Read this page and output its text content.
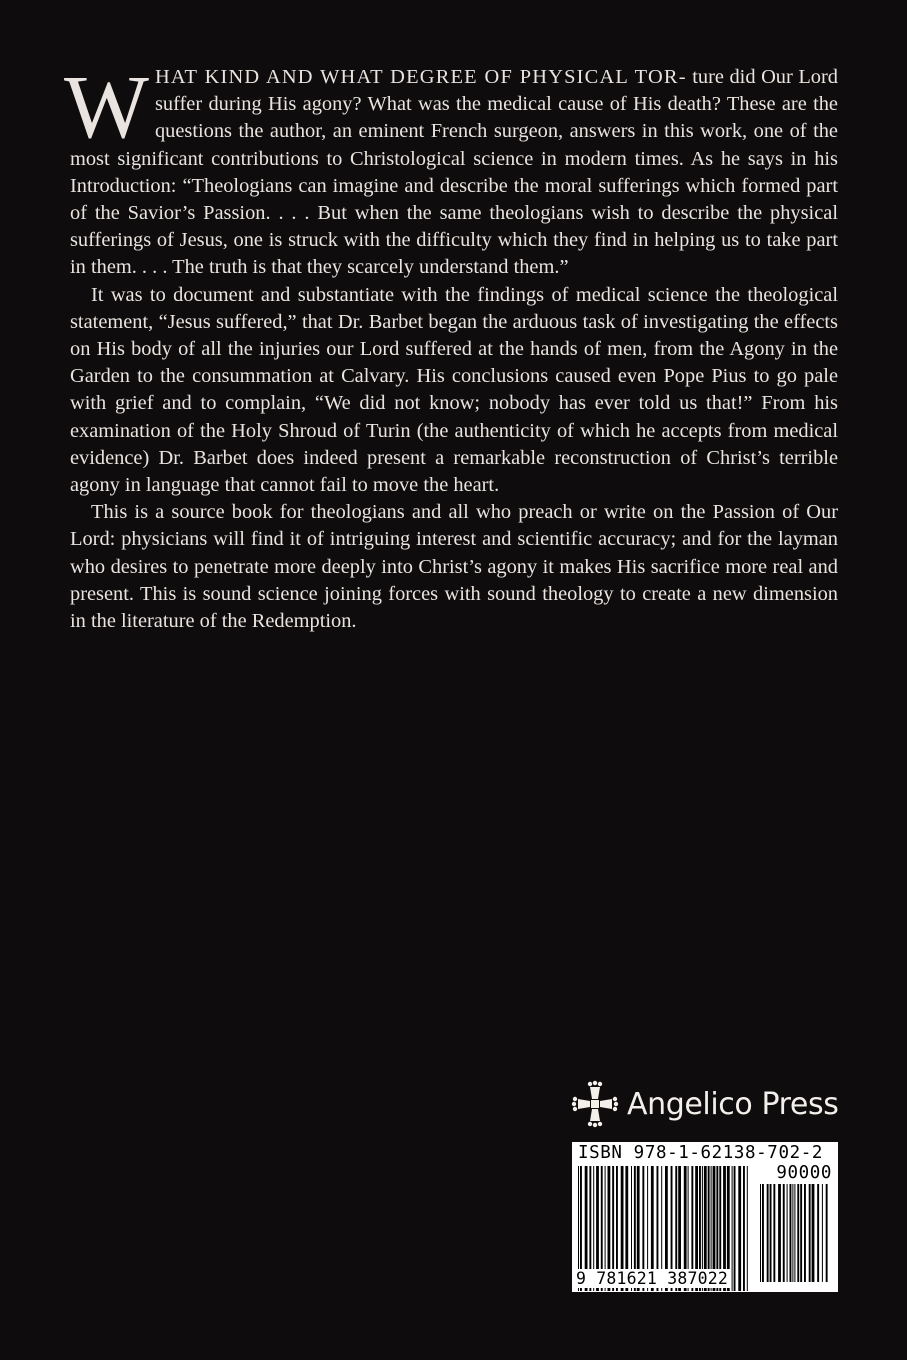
WHAT KIND AND WHAT DEGREE OF PHYSICAL TOR- ture did Our Lord suffer during His agony? What was the medical cause of His death? These are the questions the author, an eminent French surgeon, answers in this work, one of the most significant contributions to Christological science in modern times. As he says in his Introduction: “Theologians can imagine and describe the moral sufferings which formed part of the Savior’s Passion. . . . But when the same theologians wish to describe the physical sufferings of Jesus, one is struck with the difficulty which they find in helping us to take part in them. . . . The truth is that they scarcely understand them.”

It was to document and substantiate with the findings of medical science the theological statement, “Jesus suffered,” that Dr. Barbet began the arduous task of investigating the effects on His body of all the injuries our Lord suffered at the hands of men, from the Agony in the Garden to the consummation at Calvary. His conclusions caused even Pope Pius to go pale with grief and to complain, “We did not know; nobody has ever told us that!” From his examination of the Holy Shroud of Turin (the authenticity of which he accepts from medical evidence) Dr. Barbet does indeed present a remarkable reconstruction of Christ’s terrible agony in language that cannot fail to move the heart.

This is a source book for theologians and all who preach or write on the Passion of Our Lord: physicians will find it of intriguing interest and scientific accuracy; and for the layman who desires to penetrate more deeply into Christ’s agony it makes His sacrifice more real and present. This is sound science joining forces with sound theology to create a new dimension in the literature of the Redemption.

Angelico Press
ISBN 978-1-62138-702-2
90000
9 781621 387022
